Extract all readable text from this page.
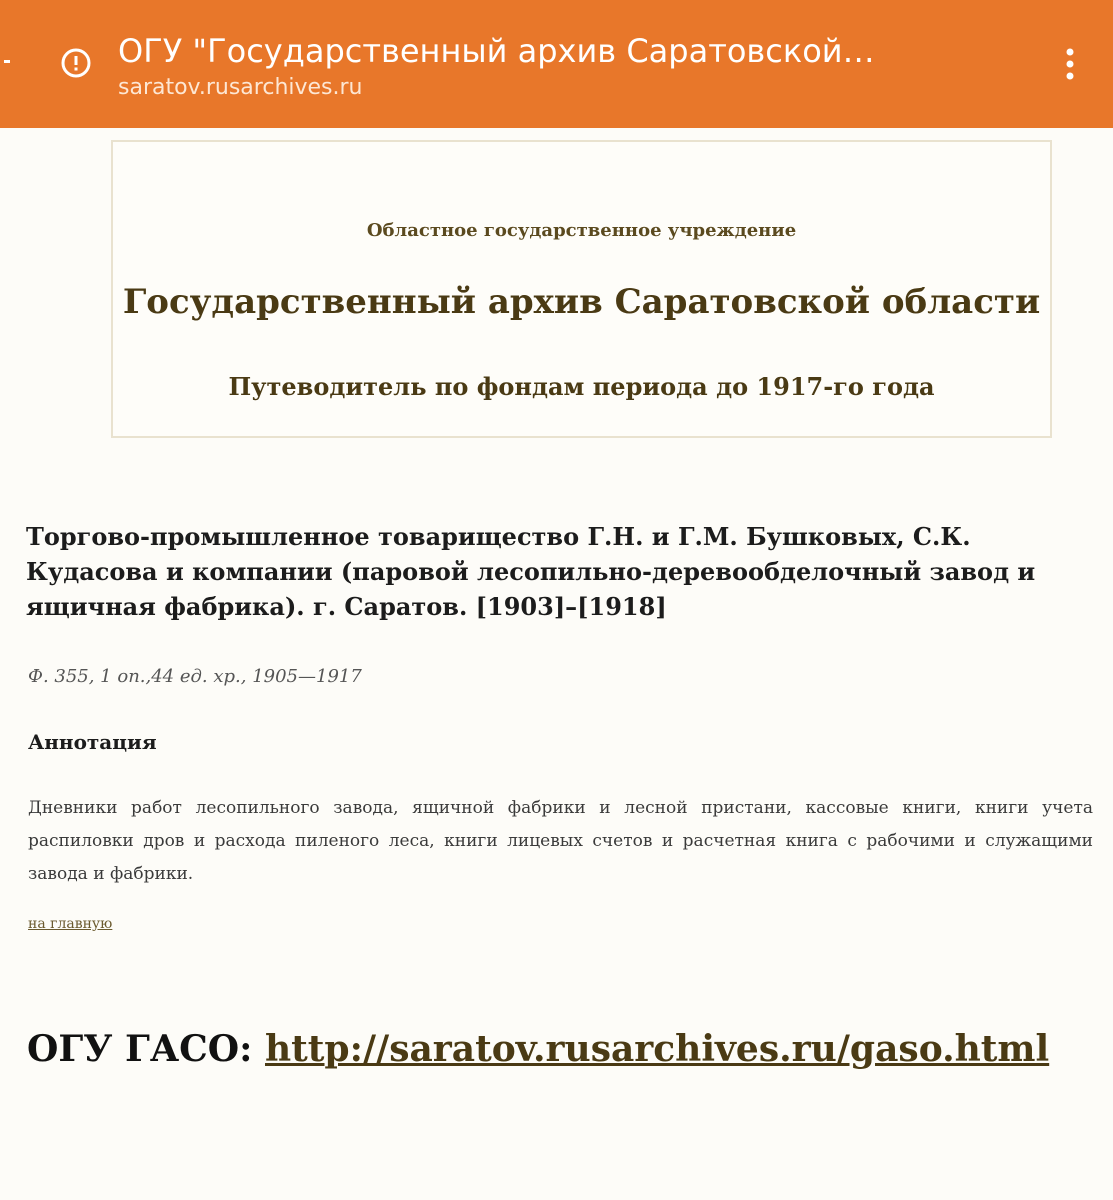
ОГУ "Государственный архив Саратовской…
saratov.rusarchives.ru
Областное государственное учреждение
Государственный архив Саратовской области
Путеводитель по фондам периода до 1917-го года
Торгово-промышленное товарищество Г.Н. и Г.М. Бушковых, С.К. Кудасова и компании (паровой лесопильно-деревообделочный завод и ящичная фабрика). г. Саратов. [1903]–[1918]
Ф. 355, 1 оп.,44 ед. хр., 1905—1917
Аннотация
Дневники работ лесопильного завода, ящичной фабрики и лесной пристани, кассовые книги, книги учета распиловки дров и расхода пиленого леса, книги лицевых счетов и расчетная книга с рабочими и служащими завода и фабрики.
на главную
ОГУ ГАСО: http://saratov.rusarchives.ru/gaso.html
